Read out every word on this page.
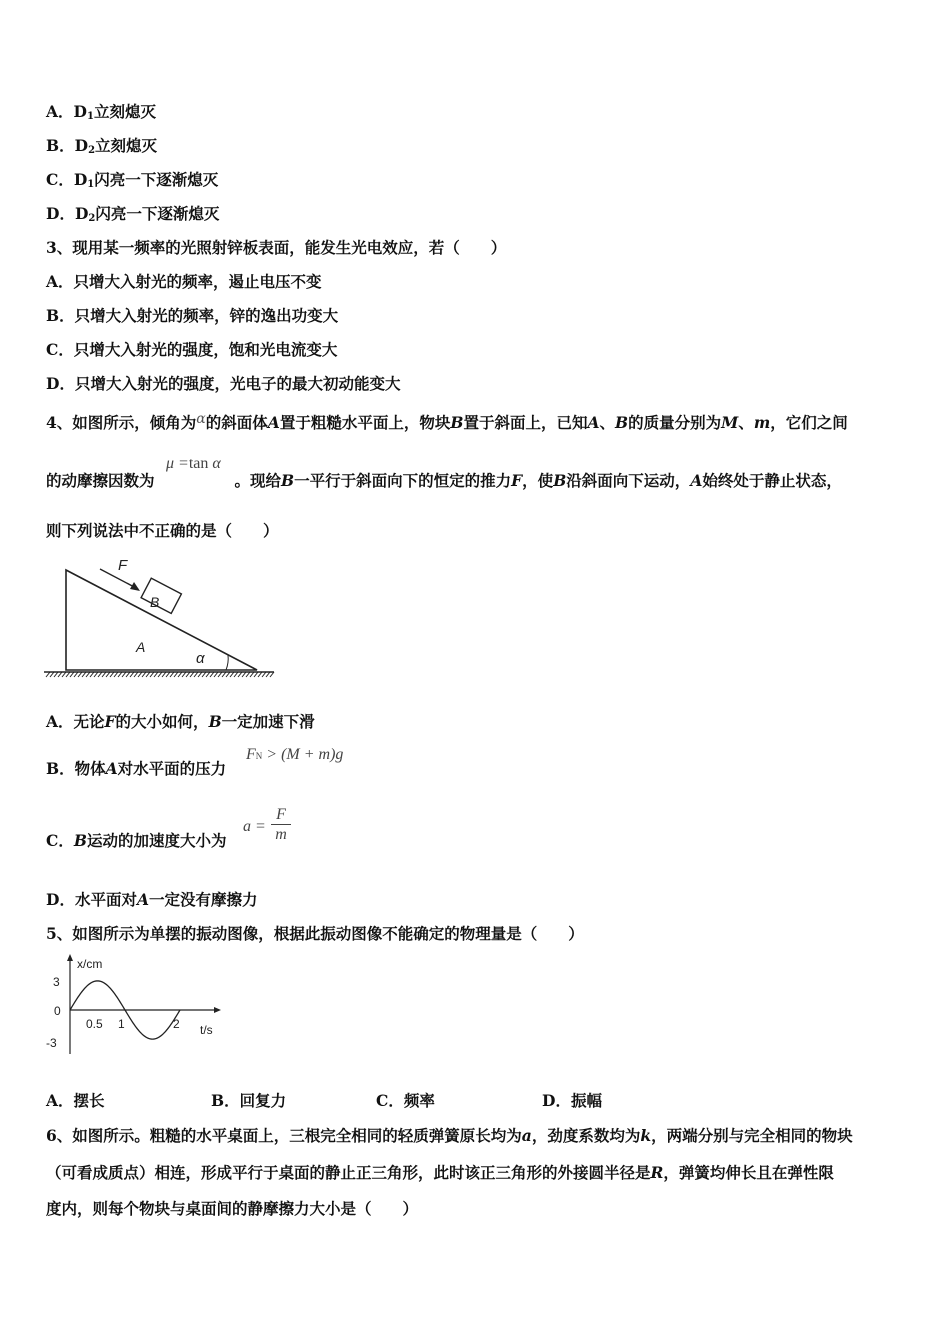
A．$D_1$立刻熄灭
B．$D_2$立刻熄灭
C．$D_1$闪亮一下逐渐熄灭
D．$D_2$闪亮一下逐渐熄灭
3、现用某一频率的光照射锌板表面，能发生光电效应，若（　　）
A．只增大入射光的频率，遏止电压不变
B．只增大入射光的频率，锌的逸出功变大
C．只增大入射光的强度，饱和光电流变大
D．只增大入射光的强度，光电子的最大初动能变大
4、如图所示，倾角为α的斜面体A置于粗糙水平面上，物块B置于斜面上，已知A、B的质量分别为M、m，它们之间
μ =tan α
的动摩擦因数为	。现给B一平行于斜面向下的恒定的推力F，使B沿斜面向下运动，A始终处于静止状态，
则下列说法中不正确的是（　　）
F
B
A
α
A．无论F的大小如何，B一定加速下滑
FN > (M + m)g
B．物体A对水平面的压力
C．B运动的加速度大小为
$a = \frac{F}{m}$
D．水平面对A一定没有摩擦力
5、如图所示为单摆的振动图像，根据此振动图像不能确定的物理量是（　　）
x/cm
t/s
3
0
-3
0.5 1	2
A．摆长	B．回复力	C．频率	D．振幅
6、如图所示。粗糙的水平桌面上，三根完全相同的轻质弹簧原长均为a，劲度系数均为k，两端分别与完全相同的物块
（可看成质点）相连，形成平行于桌面的静止正三角形，此时该正三角形的外接圆半径是R，弹簧均伸长且在弹性限
度内，则每个物块与桌面间的静摩擦力大小是（　　）
